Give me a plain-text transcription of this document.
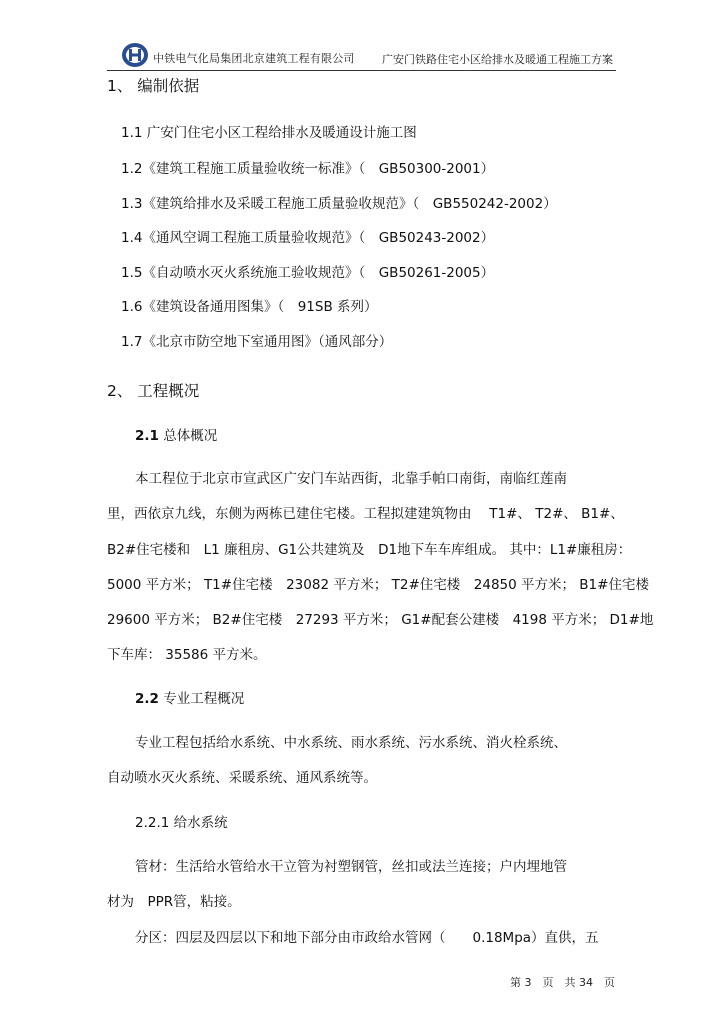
中铁电气化局集团北京建筑工程有限公司 广安门铁路住宅小区给排水及暖通工程施工方案
1、 编制依据
1.1 广安门住宅小区工程给排水及暖通设计施工图
1.2《建筑工程施工质量验收统一标准》（　GB50300-2001）
1.3《建筑给排水及采暖工程施工质量验收规范》（　GB550242-2002）
1.4《通风空调工程施工质量验收规范》（　GB50243-2002）
1.5《自动喷水灭火系统施工验收规范》（　GB50261-2005）
1.6《建筑设备通用图集》（　91SB 系列）
1.7《北京市防空地下室通用图》（通风部分）
2、 工程概况
2.1 总体概况
本工程位于北京市宣武区广安门车站西街，北靠手帕口南街，南临红莲南
里，西依京九线，东侧为两栋已建住宅楼。工程拟建建筑物由　 T1#、 T2#、 B1#、
B2#住宅楼和　L1 廉租房、G1公共建筑及　D1地下车车库组成。 其中：L1#廉租房：
5000 平方米； T1#住宅楼　23082 平方米； T2#住宅楼　24850 平方米； B1#住宅楼
29600 平方米； B2#住宅楼　27293 平方米； G1#配套公建楼　4198 平方米； D1#地
下车库： 35586 平方米。
2.2 专业工程概况
专业工程包括给水系统、中水系统、雨水系统、污水系统、消火栓系统、
自动喷水灭火系统、采暖系统、通风系统等。
2.2.1 给水系统
管材：生活给水管给水干立管为衬塑钢管，丝扣或法兰连接；户内埋地管
材为　PPR管，粘接。
分区：四层及四层以下和地下部分由市政给水管网（　　0.18Mpa）直供，五
第 3　页　共 34　页
